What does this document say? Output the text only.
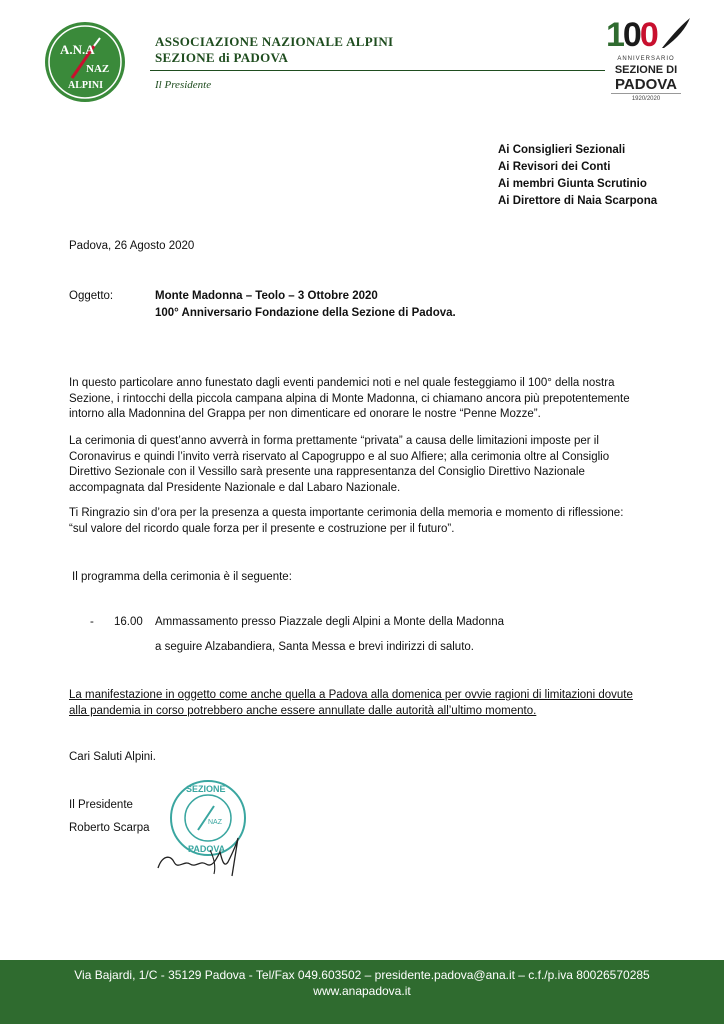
A.N.A
NAZ
ALPINI
ASSOCIAZIONE NAZIONALE ALPINI
SEZIONE di PADOVA
Il Presidente
100
ANNIVERSARIO
SEZIONE DI
PADOVA
1920/2020
Ai Consiglieri Sezionali
Ai Revisori dei Conti
Ai membri Giunta Scrutinio
Ai Direttore di Naia Scarpona
Padova, 26 Agosto 2020
Oggetto:	Monte Madonna – Teolo – 3 Ottobre 2020
100° Anniversario Fondazione della Sezione di Padova.
In questo particolare anno funestato dagli eventi pandemici noti e nel quale festeggiamo il 100° della nostra
Sezione, i rintocchi della piccola campana alpina di Monte Madonna, ci chiamano ancora più prepotentemente
intorno alla Madonnina del Grappa per non dimenticare ed onorare le nostre “Penne Mozze”.
La cerimonia di quest’anno avverrà in forma prettamente “privata” a causa delle limitazioni imposte per il
Coronavirus e quindi l’invito verrà riservato al Capogruppo e al suo Alfiere; alla cerimonia oltre al Consiglio
Direttivo Sezionale con il Vessillo sarà presente una rappresentanza del Consiglio Direttivo Nazionale
accompagnata dal Presidente Nazionale e dal Labaro Nazionale.
Ti Ringrazio sin d’ora per la presenza a questa importante cerimonia della memoria e momento di riflessione:
“sul valore del ricordo quale forza per il presente e costruzione per il futuro”.
Il programma della cerimonia è il seguente:
- 16.00 Ammassamento presso Piazzale degli Alpini a Monte della Madonna
a seguire Alzabandiera, Santa Messa e brevi indirizzi di saluto.
La manifestazione in oggetto come anche quella a Padova alla domenica per ovvie ragioni di limitazioni dovute
alla pandemia in corso potrebbero anche essere annullate dalle autorità all’ultimo momento.
Cari Saluti Alpini.
Il Presidente
Roberto Scarpa
SEZIONE
NAZ
PADOVA
Via Bajardi, 1/C - 35129 Padova - Tel/Fax 049.603502 – presidente.padova@ana.it – c.f./p.iva 80026570285
www.anapadova.it
